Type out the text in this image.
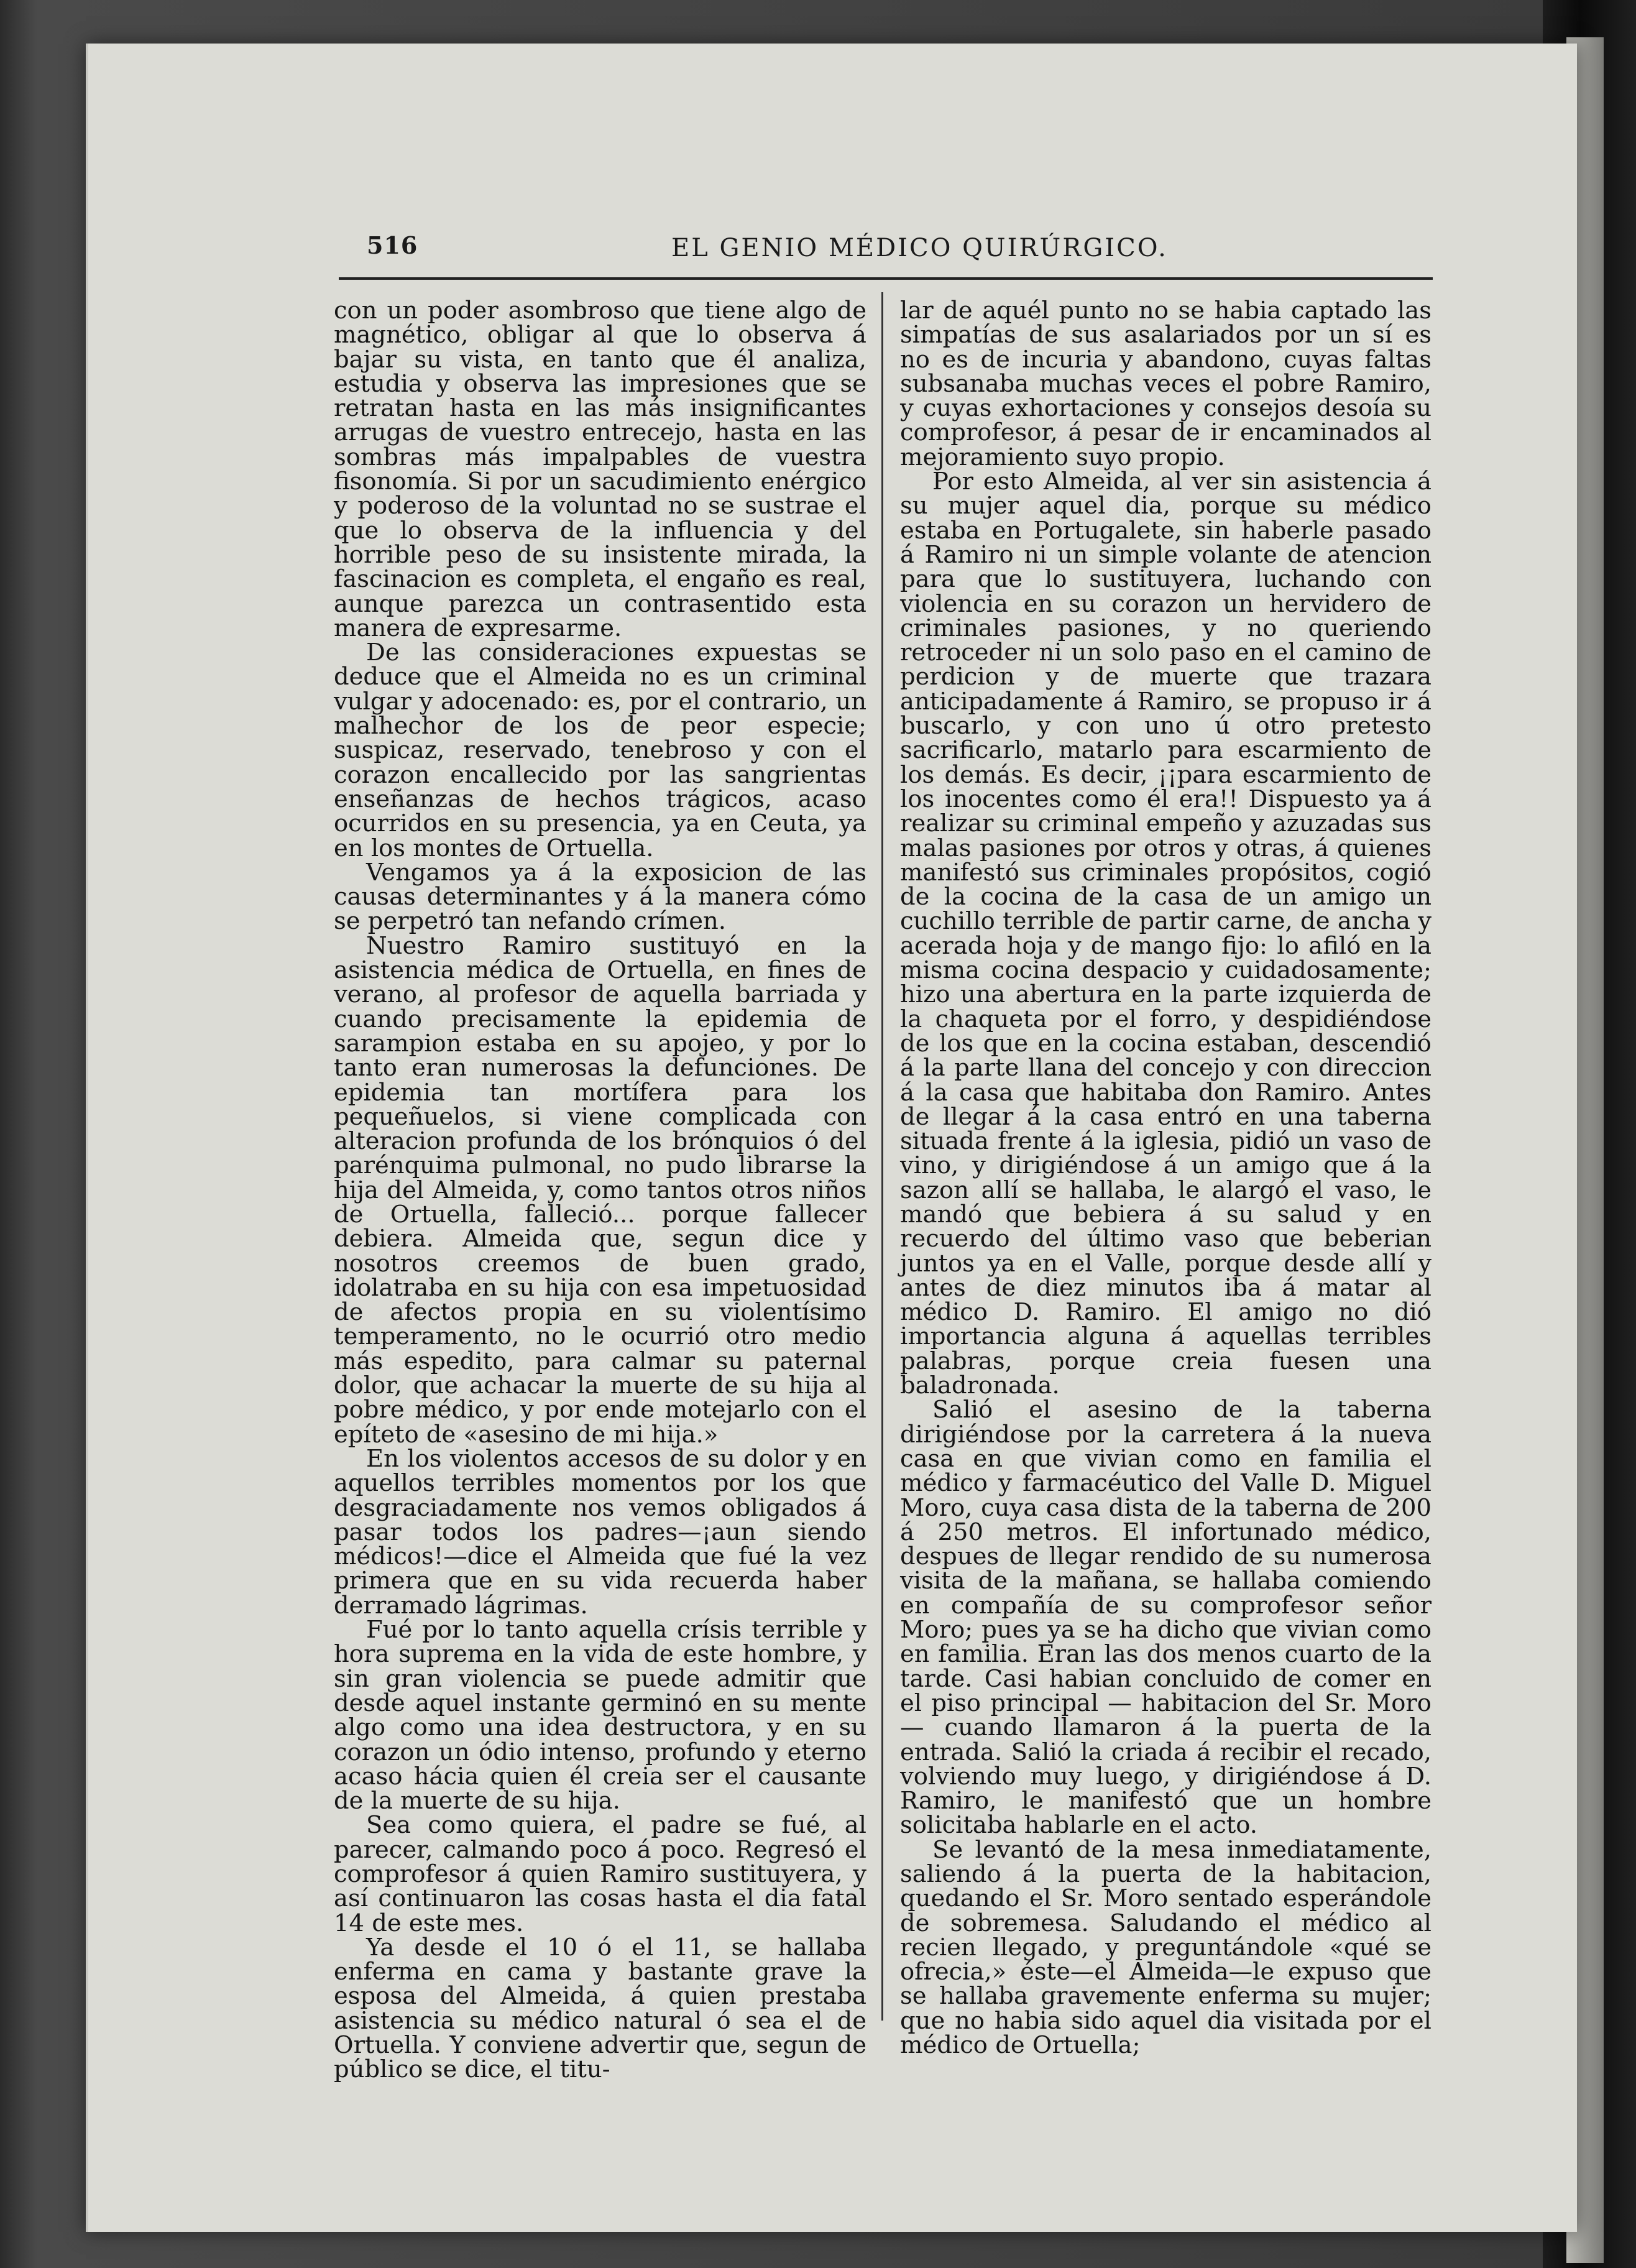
516	EL GENIO MÉDICO QUIRÚRGICO.

con un poder asombroso que tiene algo de magnético, obligar al que lo observa á bajar su vista, en tanto que él analiza, estudia y observa las impresiones que se retratan hasta en las más insignificantes arrugas de vuestro entrecejo, hasta en las sombras más impalpables de vuestra fisonomía. Si por un sacudimiento enérgico y poderoso de la voluntad no se sustrae el que lo observa de la influencia y del horrible peso de su insistente mirada, la fascinacion es completa, el engaño es real, aunque parezca un contrasentido esta manera de expresarme.

De las consideraciones expuestas se deduce que el Almeida no es un criminal vulgar y adocenado: es, por el contrario, un malhechor de los de peor especie; suspicaz, reservado, tenebroso y con el corazon encallecido por las sangrientas enseñanzas de hechos trágicos, acaso ocurridos en su presencia, ya en Ceuta, ya en los montes de Ortuella.

Vengamos ya á la exposicion de las causas determinantes y á la manera cómo se perpetró tan nefando crímen.

Nuestro Ramiro sustituyó en la asistencia médica de Ortuella, en fines de verano, al profesor de aquella barriada y cuando precisamente la epidemia de sarampion estaba en su apojeo, y por lo tanto eran numerosas la defunciones. De epidemia tan mortífera para los pequeñuelos, si viene complicada con alteracion profunda de los brónquios ó del parénquima pulmonal, no pudo librarse la hija del Almeida, y, como tantos otros niños de Ortuella, falleció... porque fallecer debiera. Almeida que, segun dice y nosotros creemos de buen grado, idolatraba en su hija con esa impetuosidad de afectos propia en su violentísimo temperamento, no le ocurrió otro medio más espedito, para calmar su paternal dolor, que achacar la muerte de su hija al pobre médico, y por ende motejarlo con el epíteto de «asesino de mi hija.»

En los violentos accesos de su dolor y en aquellos terribles momentos por los que desgraciadamente nos vemos obligados á pasar todos los padres—¡aun siendo médicos!—dice el Almeida que fué la vez primera que en su vida recuerda haber derramado lágrimas.

Fué por lo tanto aquella crísis terrible y hora suprema en la vida de este hombre, y sin gran violencia se puede admitir que desde aquel instante germinó en su mente algo como una idea destructora, y en su corazon un ódio intenso, profundo y eterno acaso hácia quien él creia ser el causante de la muerte de su hija.

Sea como quiera, el padre se fué, al parecer, calmando poco á poco. Regresó el comprofesor á quien Ramiro sustituyera, y así continuaron las cosas hasta el dia fatal 14 de este mes.

Ya desde el 10 ó el 11, se hallaba enferma en cama y bastante grave la esposa del Almeida, á quien prestaba asistencia su médico natural ó sea el de Ortuella. Y conviene advertir que, segun de público se dice, el titu-

lar de aquél punto no se habia captado las simpatías de sus asalariados por un sí es no es de incuria y abandono, cuyas faltas subsanaba muchas veces el pobre Ramiro, y cuyas exhortaciones y consejos desoía su comprofesor, á pesar de ir encaminados al mejoramiento suyo propio.

Por esto Almeida, al ver sin asistencia á su mujer aquel dia, porque su médico estaba en Portugalete, sin haberle pasado á Ramiro ni un simple volante de atencion para que lo sustituyera, luchando con violencia en su corazon un hervidero de criminales pasiones, y no queriendo retroceder ni un solo paso en el camino de perdicion y de muerte que trazara anticipadamente á Ramiro, se propuso ir á buscarlo, y con uno ú otro pretesto sacrificarlo, matarlo para escarmiento de los demás. Es decir, ¡¡para escarmiento de los inocentes como él era!! Dispuesto ya á realizar su criminal empeño y azuzadas sus malas pasiones por otros y otras, á quienes manifestó sus criminales propósitos, cogió de la cocina de la casa de un amigo un cuchillo terrible de partir carne, de ancha y acerada hoja y de mango fijo: lo afiló en la misma cocina despacio y cuidadosamente; hizo una abertura en la parte izquierda de la chaqueta por el forro, y despidiéndose de los que en la cocina estaban, descendió á la parte llana del concejo y con direccion á la casa que habitaba don Ramiro. Antes de llegar á la casa entró en una taberna situada frente á la iglesia, pidió un vaso de vino, y dirigiéndose á un amigo que á la sazon allí se hallaba, le alargó el vaso, le mandó que bebiera á su salud y en recuerdo del último vaso que beberian juntos ya en el Valle, porque desde allí y antes de diez minutos iba á matar al médico D. Ramiro. El amigo no dió importancia alguna á aquellas terribles palabras, porque creia fuesen una baladronada.

Salió el asesino de la taberna dirigiéndose por la carretera á la nueva casa en que vivian como en familia el médico y farmacéutico del Valle D. Miguel Moro, cuya casa dista de la taberna de 200 á 250 metros. El infortunado médico, despues de llegar rendido de su numerosa visita de la mañana, se hallaba comiendo en compañía de su comprofesor señor Moro; pues ya se ha dicho que vivian como en familia. Eran las dos menos cuarto de la tarde. Casi habian concluido de comer en el piso principal — habitacion del Sr. Moro — cuando llamaron á la puerta de la entrada. Salió la criada á recibir el recado, volviendo muy luego, y dirigiéndose á D. Ramiro, le manifestó que un hombre solicitaba hablarle en el acto.

Se levantó de la mesa inmediatamente, saliendo á la puerta de la habitacion, quedando el Sr. Moro sentado esperándole de sobremesa. Saludando el médico al recien llegado, y preguntándole «qué se ofrecia,» éste—el Almeida—le expuso que se hallaba gravemente enferma su mujer; que no habia sido aquel dia visitada por el médico de Ortuella;
